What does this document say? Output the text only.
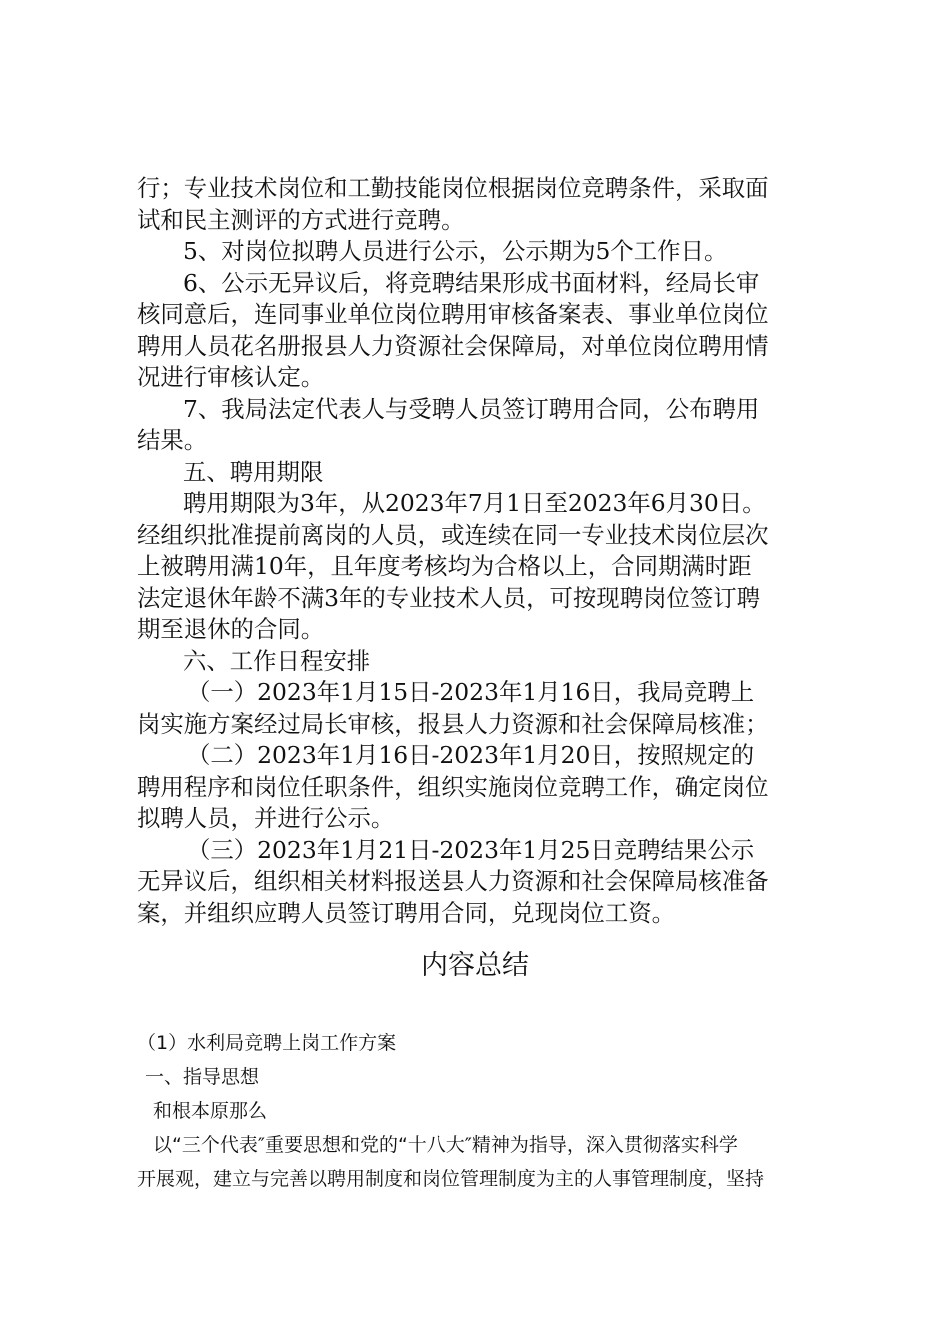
行；专业技术岗位和工勤技能岗位根据岗位竞聘条件，采取面

试和民主测评的方式进行竞聘。

5、对岗位拟聘人员进行公示，公示期为5个工作日。

6、公示无异议后，将竞聘结果形成书面材料，经局长审

核同意后，连同事业单位岗位聘用审核备案表、事业单位岗位

聘用人员花名册报县人力资源社会保障局，对单位岗位聘用情

况进行审核认定。

7、我局法定代表人与受聘人员签订聘用合同，公布聘用

结果。

五、聘用期限

聘用期限为3年，从2023年7月1日至2023年6月30日。

经组织批准提前离岗的人员，或连续在同一专业技术岗位层次

上被聘用满10年，且年度考核均为合格以上，合同期满时距

法定退休年龄不满3年的专业技术人员，可按现聘岗位签订聘

期至退休的合同。

六、工作日程安排

（一）2023年1月15日-2023年1月16日，我局竞聘上

岗实施方案经过局长审核，报县人力资源和社会保障局核准；

（二）2023年1月16日-2023年1月20日，按照规定的

聘用程序和岗位任职条件，组织实施岗位竞聘工作，确定岗位

拟聘人员，并进行公示。

（三）2023年1月21日-2023年1月25日竞聘结果公示

无异议后，组织相关材料报送县人力资源和社会保障局核准备

案，并组织应聘人员签订聘用合同，兑现岗位工资。

内容总结

（1）水利局竞聘上岗工作方案

一、指导思想

和根本原那么

以“三个代表″重要思想和党的“十八大″精神为指导，深入贯彻落实科学

开展观，建立与完善以聘用制度和岗位管理制度为主的人事管理制度，坚持
